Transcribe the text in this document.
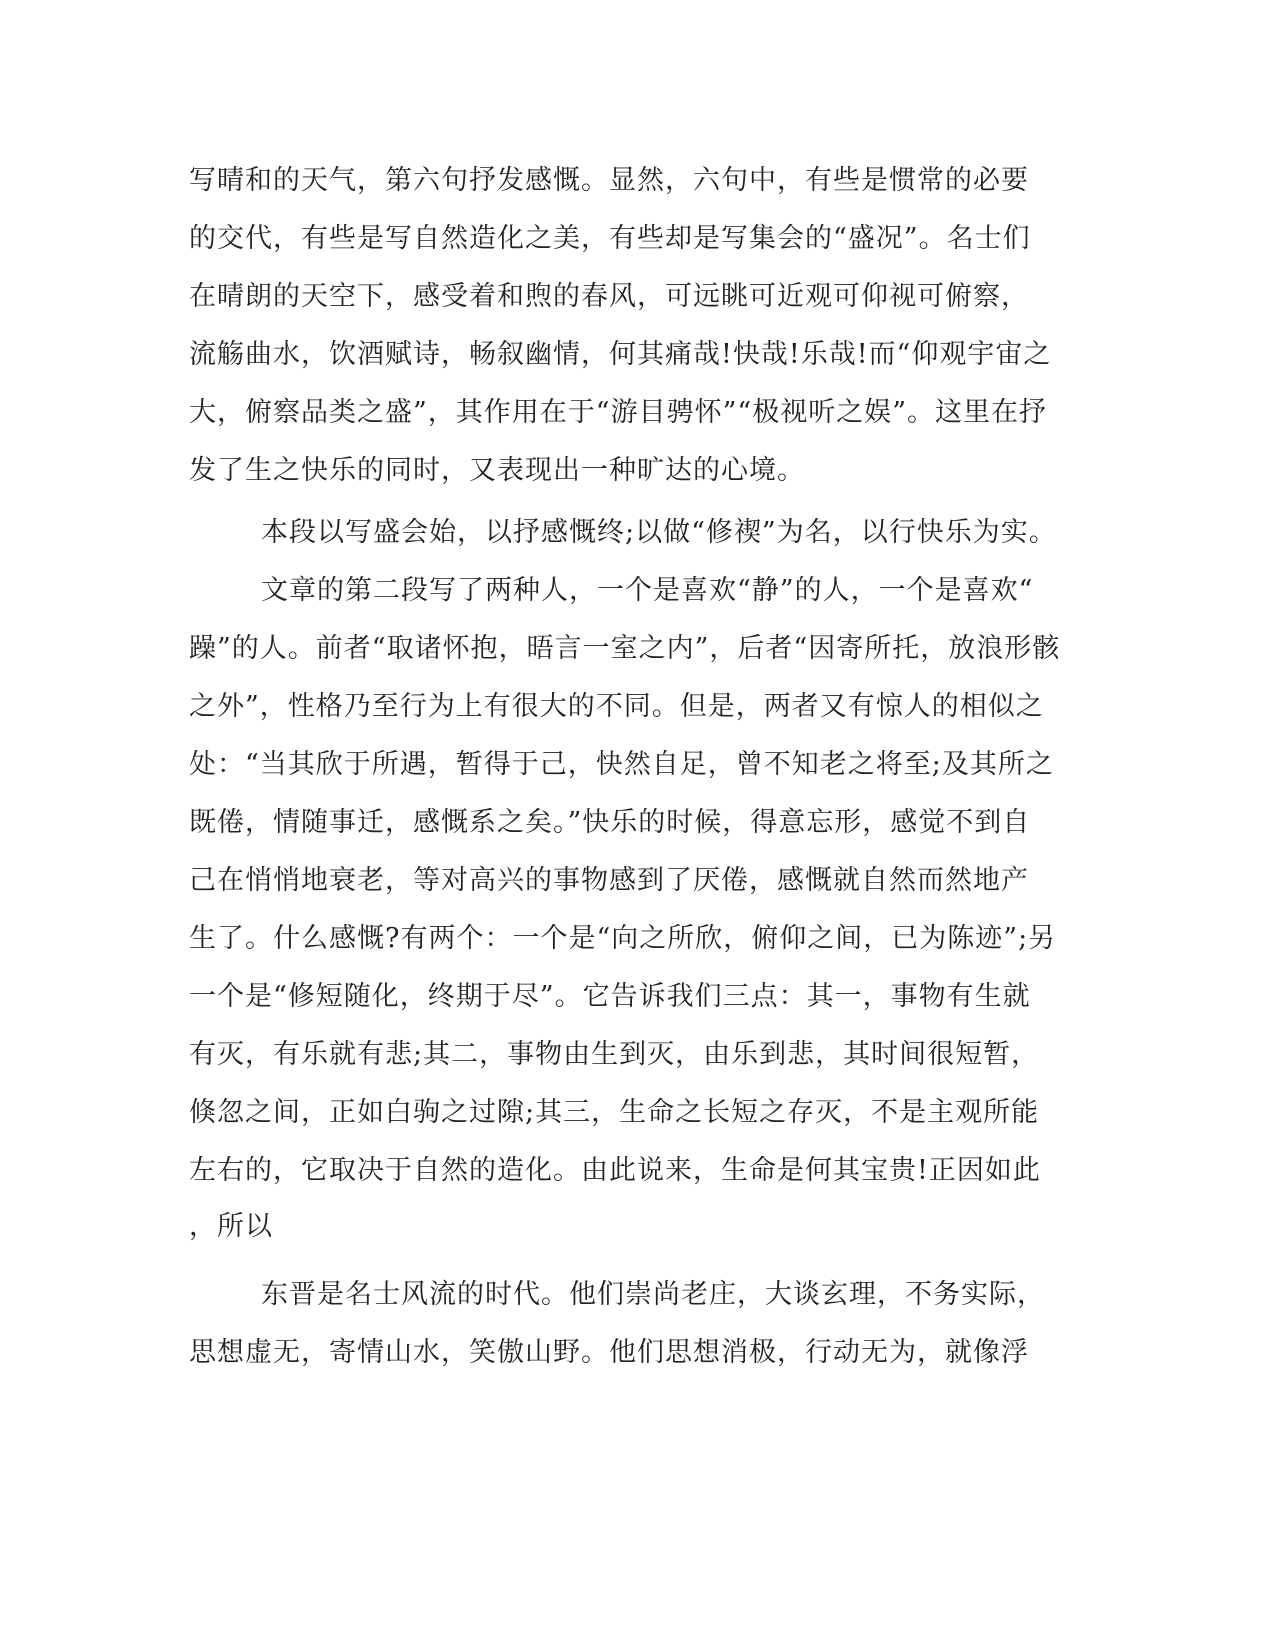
写晴和的天气，第六句抒发感慨。显然，六句中，有些是惯常的必要
的交代，有些是写自然造化之美，有些却是写集会的“盛况”。名士们
在晴朗的天空下，感受着和煦的春风，可远眺可近观可仰视可俯察，
流觞曲水，饮酒赋诗，畅叙幽情，何其痛哉!快哉!乐哉!而“仰观宇宙之
大，俯察品类之盛”，其作用在于“游目骋怀”“极视听之娱”。这里在抒
发了生之快乐的同时，又表现出一种旷达的心境。
本段以写盛会始，以抒感慨终;以做“修禊”为名，以行快乐为实。
文章的第二段写了两种人，一个是喜欢“静”的人，一个是喜欢“
躁”的人。前者“取诸怀抱，晤言一室之内”，后者“因寄所托，放浪形骸
之外”，性格乃至行为上有很大的不同。但是，两者又有惊人的相似之
处：“当其欣于所遇，暂得于己，快然自足，曾不知老之将至;及其所之
既倦，情随事迁，感慨系之矣。”快乐的时候，得意忘形，感觉不到自
己在悄悄地衰老，等对高兴的事物感到了厌倦，感慨就自然而然地产
生了。什么感慨?有两个：一个是“向之所欣，俯仰之间，已为陈迹”;另
一个是“修短随化，终期于尽”。它告诉我们三点：其一，事物有生就
有灭，有乐就有悲;其二，事物由生到灭，由乐到悲，其时间很短暂，
倏忽之间，正如白驹之过隙;其三，生命之长短之存灭，不是主观所能
左右的，它取决于自然的造化。由此说来，生命是何其宝贵!正因如此
，所以
东晋是名士风流的时代。他们崇尚老庄，大谈玄理，不务实际，
思想虚无，寄情山水，笑傲山野。他们思想消极，行动无为，就像浮
